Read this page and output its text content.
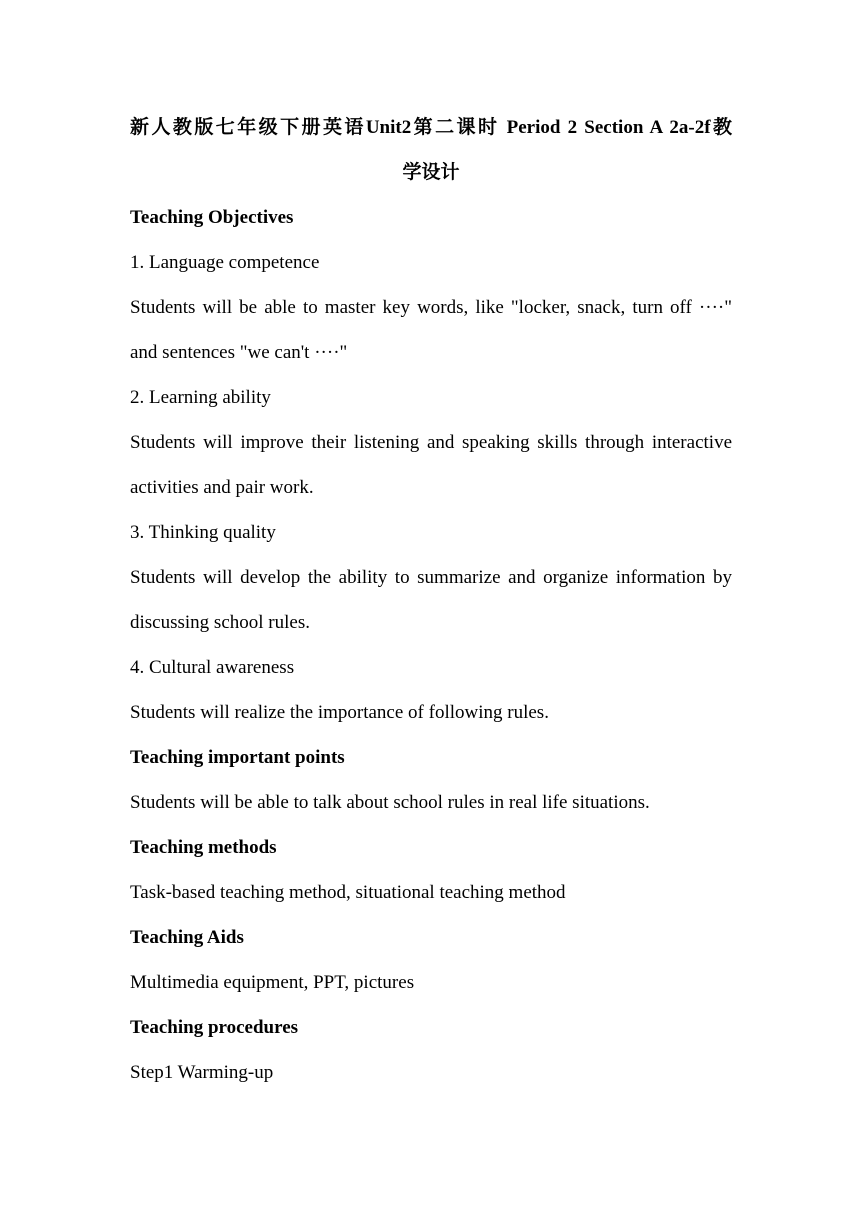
新人教版七年级下册英语Unit2第二课时 Period 2 Section A 2a-2f教
学设计

Teaching Objectives

1. Language competence

Students will be able to master key words, like "locker, snack, turn off ····" and sentences "we can't ····"

2. Learning ability

Students will improve their listening and speaking skills through interactive activities and pair work.

3. Thinking quality

Students will develop the ability to summarize and organize information by discussing school rules.

4. Cultural awareness

Students will realize the importance of following rules.

Teaching important points

Students will be able to talk about school rules in real life situations.

Teaching methods

Task-based teaching method, situational teaching method

Teaching Aids

Multimedia equipment, PPT, pictures

Teaching procedures

Step1 Warming-up
